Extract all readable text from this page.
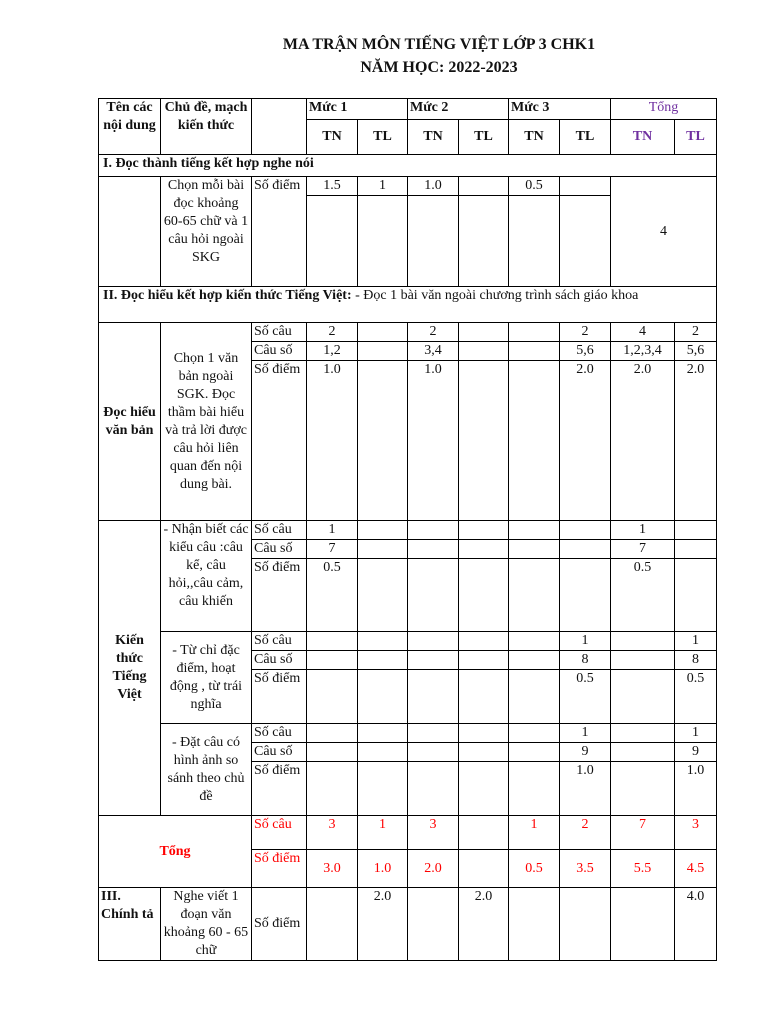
MA TRẬN MÔN TIẾNG VIỆT LỚP 3 CHK1
NĂM HỌC: 2022-2023
Tên các nội dung	Chủ đề, mạch kiến thức		Mức 1		Mức 2		Mức 3		Tổng	
			TN	TL	TN	TL	TN	TL	TN	TL
I. Đọc thành tiếng kết hợp nghe nói										
	Chọn mỗi bài đọc khoảng 60-65 chữ và 1 câu hỏi ngoài SKG	Số điểm	1.5	1	1.0		0.5		4	

II. Đọc hiểu kết hợp kiến thức Tiếng Việt: - Đọc 1 bài văn ngoài chương trình sách giáo khoa										
Đọc hiểu văn bản	Chọn 1 văn bản ngoài SGK. Đọc thầm bài hiểu và trả lời được câu hỏi liên quan đến nội dung bài.	Số câu	2		2			2	4	2
		Câu số	1,2		3,4			5,6	1,2,3,4	5,6
		Số điểm	1.0		1.0			2.0	2.0	2.0
Kiến thức Tiếng Việt	- Nhận biết các kiểu câu :câu kể, câu hỏi,,câu cảm, câu khiến	Số câu	1						1	
		Câu số	7						7	
		Số điểm	0.5						0.5	
	- Từ chỉ đặc điểm, hoạt động , từ trái nghĩa	Số câu						1		1
		Câu số						8		8
		Số điểm						0.5		0.5
	- Đặt câu có hình ảnh so sánh theo chủ đề	Số câu						1		1
		Câu số						9		9
		Số điểm						1.0		1.0
Tổng		Số câu	3	1	3		1	2	7	3
		Số điểm	3.0	1.0	2.0		0.5	3.5	5.5	4.5
III. Chính tả	Nghe viết 1 đoạn văn khoảng 60 - 65 chữ	Số điểm		2.0		2.0				4.0
